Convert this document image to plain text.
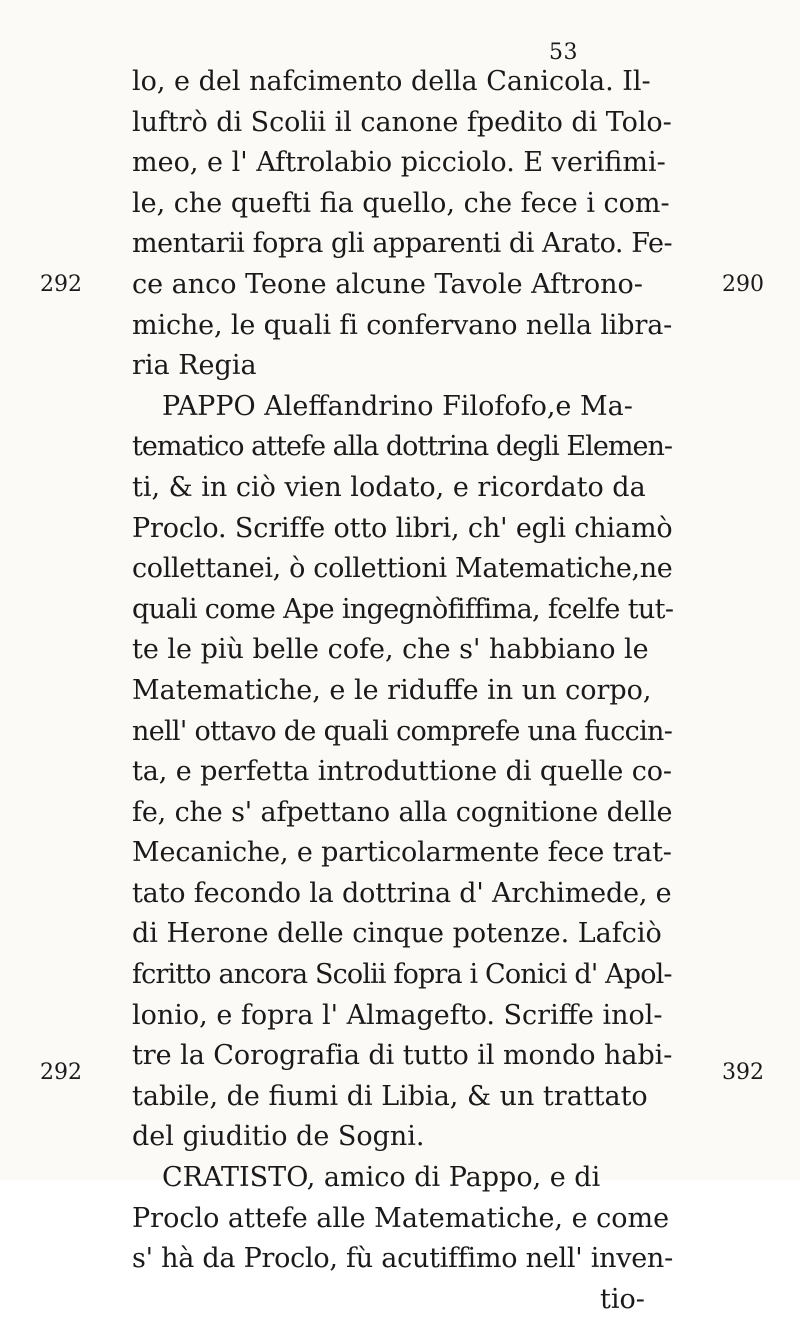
53
lo, e del nafcimento della Canicola. Il-
luftrò di Scolii il canone fpedito di Tolo-
meo, e l' Aftrolabio picciolo. E verifimi-
le, che quefti fia quello, che fece i com-
mentarii fopra gli apparenti di Arato. Fe-
ce anco Teone alcune Tavole Aftrono-
miche, le quali fi confervano nella libra-
ria Regia
PAPPO Aleffandrino Filofofo,e Ma-
tematico attefe alla dottrina degli Elemen-
ti, & in ciò vien lodato, e ricordato da
Proclo. Scriffe otto libri, ch' egli chiamò
collettanei, ò collettioni Matematiche,ne
quali come Ape ingegnòfiffima, fcelfe tut-
te le più belle cofe, che s' habbiano le
Matematiche, e le riduffe in un corpo,
nell' ottavo de quali comprefe una fuccin-
ta, e perfetta introduttione di quelle co-
fe, che s' afpettano alla cognitione delle
Mecaniche, e particolarmente fece trat-
tato fecondo la dottrina d' Archimede, e
di Herone delle cinque potenze. Lafciò
fcritto ancora Scolii fopra i Conici d' Apol-
lonio, e fopra l' Almagefto. Scriffe inol-
tre la Corografia di tutto il mondo habi-
tabile, de fiumi di Libia, & un trattato
del giuditio de Sogni.
CRATISTO, amico di Pappo, e di
Proclo attefe alle Matematiche, e come
s' hà da Proclo, fù acutiffimo nell' inven-
tio-
292	290
292	392
